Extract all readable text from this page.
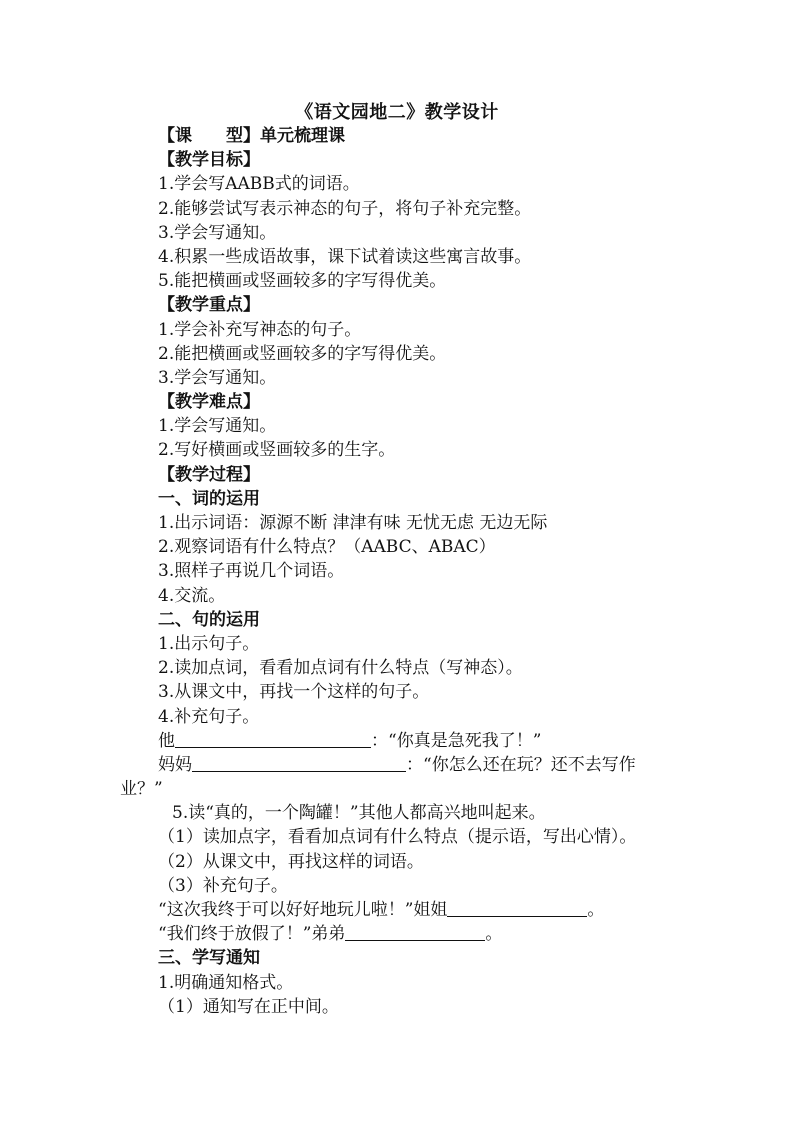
《语文园地二》教学设计
【课　　型】单元梳理课
【教学目标】
1.学会写AABB式的词语。
2.能够尝试写表示神态的句子，将句子补充完整。
3.学会写通知。
4.积累一些成语故事，课下试着读这些寓言故事。
5.能把横画或竖画较多的字写得优美。
【教学重点】
1.学会补充写神态的句子。
2.能把横画或竖画较多的字写得优美。
3.学会写通知。
【教学难点】
1.学会写通知。
2.写好横画或竖画较多的生字。
【教学过程】
一、词的运用
1.出示词语：源源不断 津津有味 无忧无虑 无边无际
2.观察词语有什么特点？（AABC、ABAC）
3.照样子再说几个词语。
4.交流。
二、句的运用
1.出示句子。
2.读加点词，看看加点词有什么特点（写神态）。
3.从课文中，再找一个这样的句子。
4.补充句子。
他	：“你真是急死我了！”
妈妈	：“你怎么还在玩？还不去写作
业？”
5.读“真的，一个陶罐！”其他人都高兴地叫起来。
（1）读加点字，看看加点词有什么特点（提示语，写出心情）。
（2）从课文中，再找这样的词语。
（3）补充句子。
“这次我终于可以好好地玩儿啦！”姐姐	。
“我们终于放假了！”弟弟	。
三、学写通知
1.明确通知格式。
（1）通知写在正中间。
